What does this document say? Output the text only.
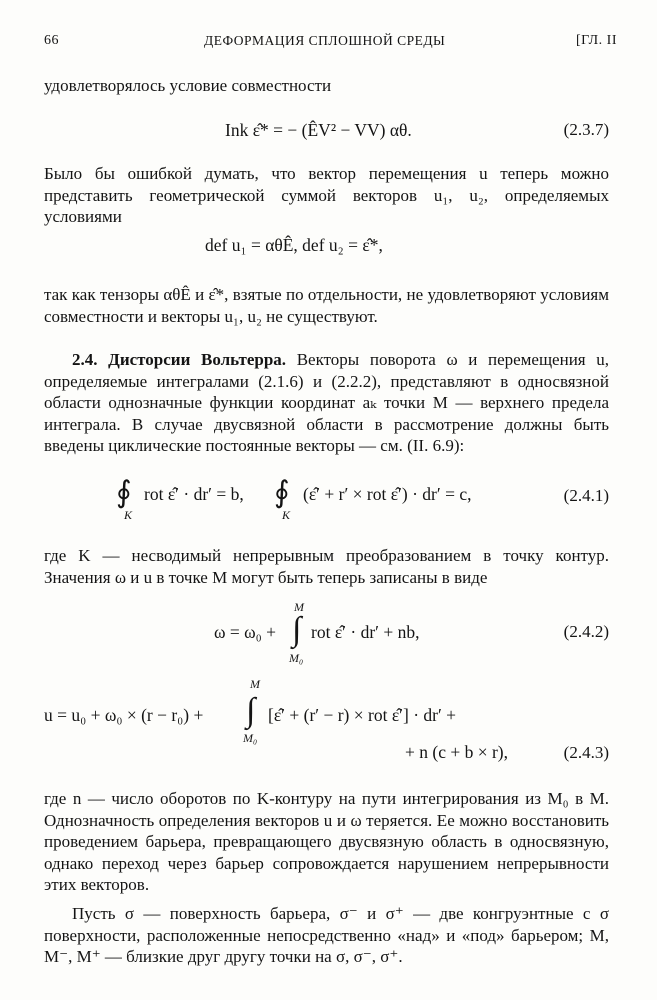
66	ДЕФОРМАЦИЯ СПЛОШНОЙ СРЕДЫ	[ГЛ. II
удовлетворялось условие совместности
Ink ε̂* = − (ÊV² − VV) αθ.	(2.3.7)
Было бы ошибкой думать, что вектор перемещения u теперь можно представить геометрической суммой векторов u₁, u₂, определяемых условиями
def u₁ = αθÊ, def u₂ = ε̂*,
так как тензоры αθÊ и ε̂*, взятые по отдельности, не удовлетворяют условиям совместности и векторы u₁, u₂ не существуют.
2.4. Дисторсии Вольтерра. Векторы поворота ω и перемещения u, определяемые интегралами (2.1.6) и (2.2.2), представляют в односвязной области однозначные функции координат aₖ точки M — верхнего предела интеграла. В случае двусвязной области в рассмотрение должны быть введены циклические постоянные векторы — см. (II. 6.9):
∮
K
rot ε̂′ · dr′ = b, ∮
K
(ε̂′ + r′ × rot ε̂′) · dr′ = c,	(2.4.1)
где K — несводимый непрерывным преобразованием в точку контур. Значения ω и u в точке M могут быть теперь записаны в виде
ω = ω₀ +
M
∫
M₀
rot ε̂′ · dr′ + nb,	(2.4.2)
u = u₀ + ω₀ × (r − r₀) +
M
∫
M₀
[ε̂′ + (r′ − r) × rot ε̂′] · dr′ +
+ n (c + b × r),	(2.4.3)
где n — число оборотов по K-контуру на пути интегрирования из M₀ в M. Однозначность определения векторов u и ω теряется. Ее можно восстановить проведением барьера, превращающего двусвязную область в односвязную, однако переход через барьер сопровождается нарушением непрерывности этих векторов.
Пусть σ — поверхность барьера, σ⁻ и σ⁺ — две конгруэнтные с σ поверхности, расположенные непосредственно «над» и «под» барьером; M, M⁻, M⁺ — близкие друг другу точки на σ, σ⁻, σ⁺.
